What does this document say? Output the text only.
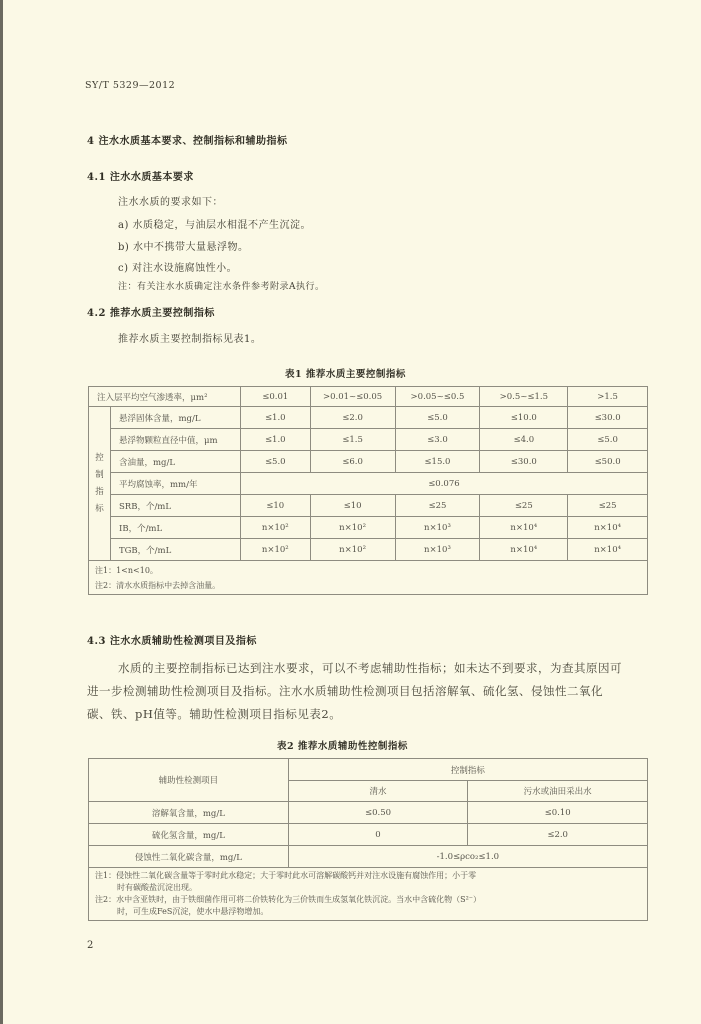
SY/T 5329—2012
4 注水水质基本要求、控制指标和辅助指标
4.1 注水水质基本要求
注水水质的要求如下：
a) 水质稳定，与油层水相混不产生沉淀。
b) 水中不携带大量悬浮物。
c) 对注水设施腐蚀性小。
注：有关注水水质确定注水条件参考附录A执行。
4.2 推荐水质主要控制指标
推荐水质主要控制指标见表1。
表1 推荐水质主要控制指标
注入层平均空气渗透率，μm²		≤0.01	>0.01~≤0.05	>0.05~≤0.5	>0.5~≤1.5	>1.5
控制指标	悬浮固体含量，mg/L	≤1.0	≤2.0	≤5.0	≤10.0	≤30.0
	悬浮物颗粒直径中值，μm	≤1.0	≤1.5	≤3.0	≤4.0	≤5.0
	含油量，mg/L	≤5.0	≤6.0	≤15.0	≤30.0	≤50.0
	平均腐蚀率，mm/年	≤0.076				
	SRB，个/mL	≤10	≤10	≤25	≤25	≤25
	IB，个/mL	n×10²	n×10²	n×10³	n×10⁴	n×10⁴
	TGB，个/mL	n×10²	n×10²	n×10³	n×10⁴	n×10⁴

注1：1<n<10。
注2：清水水质指标中去掉含油量。						
4.3 注水水质辅助性检测项目及指标
水质的主要控制指标已达到注水要求，可以不考虑辅助性指标；如未达不到要求，为查其原因可
进一步检测辅助性检测项目及指标。注水水质辅助性检测项目包括溶解氧、硫化氢、侵蚀性二氧化
碳、铁、pH值等。辅助性检测项目指标见表2。
表2 推荐水质辅助性控制指标
辅助性检测项目	控制指标	
	清水	污水或油田采出水
溶解氧含量，mg/L	≤0.50	≤0.10
硫化氢含量，mg/L	0	≤2.0
侵蚀性二氧化碳含量，mg/L	-1.0≤ρco₂≤1.0	

注1：侵蚀性二氧化碳含量等于零时此水稳定；大于零时此水可溶解碳酸钙并对注水设施有腐蚀作用；小于零
时有碳酸盐沉淀出现。
注2：水中含亚铁时，由于铁细菌作用可将二价铁转化为三价铁而生成氢氧化铁沉淀。当水中含硫化物（S²⁻）
时，可生成FeS沉淀，使水中悬浮物增加。		
2
